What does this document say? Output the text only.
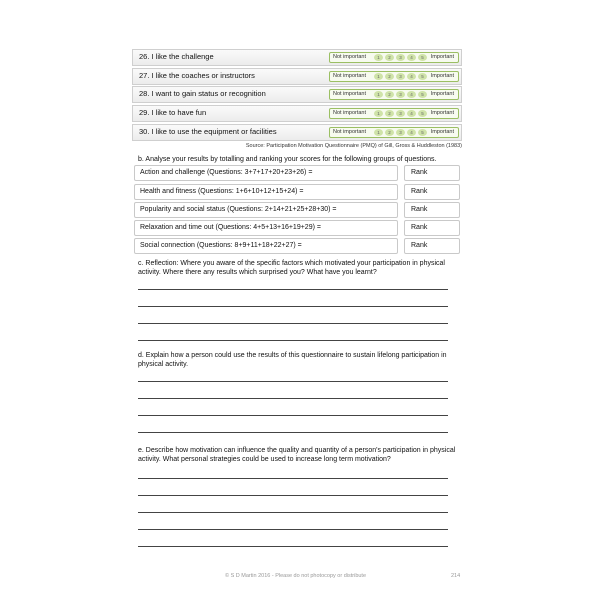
26. I like the challenge	Not important	1	2	3	4	5	Important
27. I like the coaches or instructors	Not important	1	2	3	4	5	Important
28. I want to gain status or recognition	Not important	1	2	3	4	5	Important
29. I like to have fun	Not important	1	2	3	4	5	Important
30. I like to use the equipment or facilities	Not important	1	2	3	4	5	Important
Source: Participation Motivation Questionnaire (PMQ) of Gill, Gross & Huddleston (1983)
b. Analyse your results by totalling and ranking your scores for the following groups of questions.
Action and challenge (Questions: 3+7+17+20+23+26) =	Rank
Health and fitness (Questions: 1+6+10+12+15+24) =	Rank
Popularity and social status (Questions: 2+14+21+25+28+30) =	Rank
Relaxation and time out (Questions: 4+5+13+16+19+29) =	Rank
Social connection (Questions: 8+9+11+18+22+27) =	Rank
c. Reflection: Where you aware of the specific factors which motivated your participation in physical activity. Where there any results which surprised you? What have you learnt?
d. Explain how a person could use the results of this questionnaire to sustain lifelong participation in physical activity.
e. Describe how motivation can influence the quality and quantity of a person's participation in physical activity. What personal strategies could be used to increase long term motivation?
© S D Martin 2016 - Please do not photocopy or distribute	214
